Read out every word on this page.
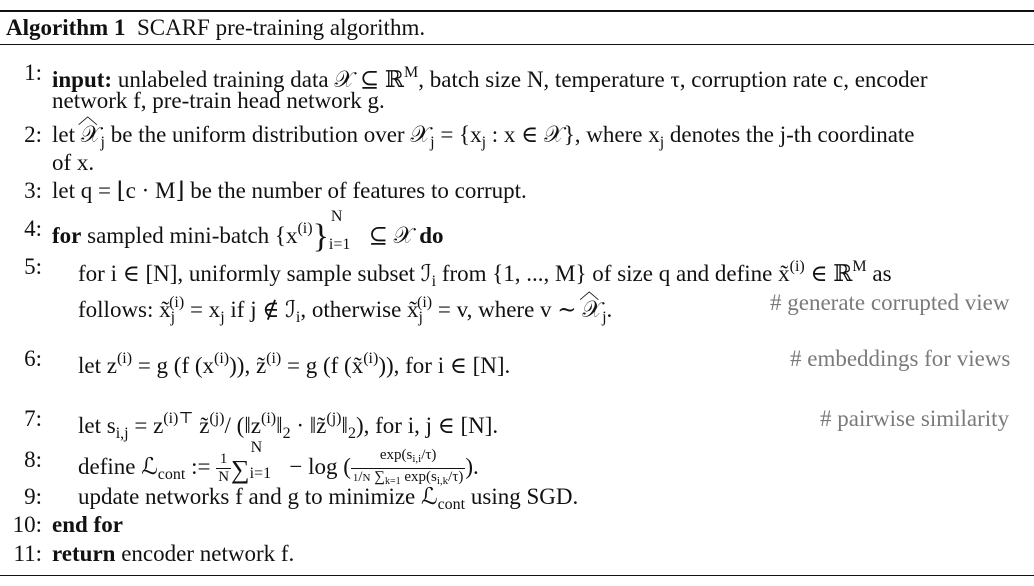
Algorithm 1 SCARF pre-training algorithm.
1: input: unlabeled training data 𝒳 ⊆ ℝ$^M$, batch size N, temperature τ, corruption rate c, encoder
network f, pre-train head network g.
2: let ︿ 𝒳$_j$ be the uniform distribution over 𝒳$_j$ = {$x_j$ : x ∈ 𝒳}, where $x_j$ denotes the j-th coordinate
of x.
3: let q = ⌊c · M⌋ be the number of features to corrupt.
4: for sampled mini-batch $\{x^{(i)}\}$
N
i=1 ⊆ 𝒳 do
5: for i ∈ [N], uniformly sample subset ℐ$_i$ from {1, ..., M} of size q and define x̃$^{(i)}$ ∈ ℝ$^M$ as
follows: $x̃_j^{(i)} = x_j$ if j ∉ ℐ$_i$, otherwise $x̃_j^{(i)} = v$, where v ∼ ︿ 𝒳$_j$.	# generate corrupted view
6: let $z^{(i)} = g$ (f $(x^{(i)})$), z̃$^{(i)}$ = g (f (x̃$^{(i)}$)), for i ∈ [N].	# embeddings for views
7: let $s_{i,j} = z^{(i)⊤}$ z̃$^{(j)}$/ ($‖z^{(i)}‖_2$ · $‖z̃^{(j)}‖_2$), for i, j ∈ [N].	# pairwise similarity
8: define ℒ$_{cont}$ := $\frac{1}{N}$ ∑
N
i=1 − log ( $\frac{\exp(s_{i,i}/\tau)}{1/N \sum_{k=1} \exp(s_{i,k}/\tau)}$ ).
9: update networks f and g to minimize ℒ$_{cont}$ using SGD.
10: end for
11: return encoder network f.
